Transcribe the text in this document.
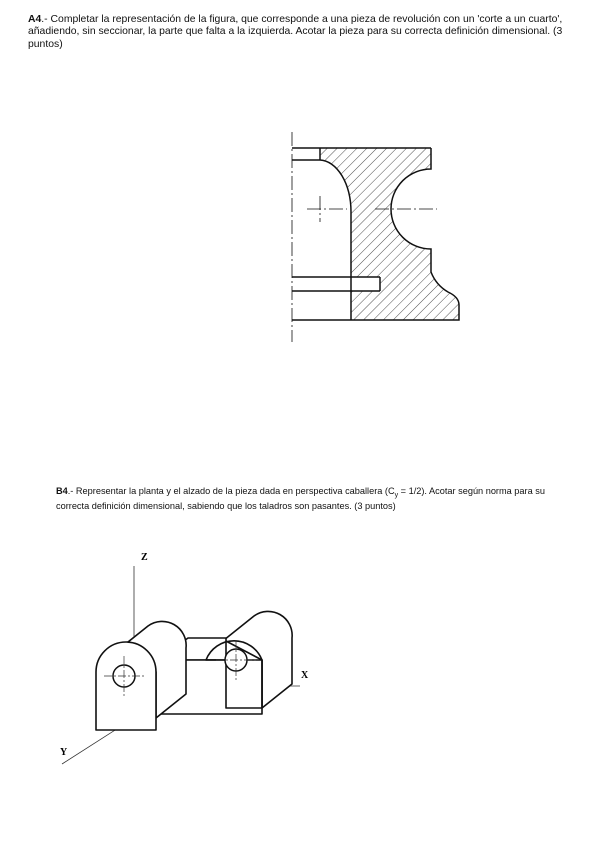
A4.- Completar la representación de la figura, que corresponde a una pieza de revolución con un 'corte a un cuarto', añadiendo, sin seccionar, la parte que falta a la izquierda. Acotar la pieza para su correcta definición dimensional. (3 puntos)
Z
X
Y
B4.- Representar la planta y el alzado de la pieza dada en perspectiva caballera $(C_y = 1/2)$. Acotar según norma para su correcta definición dimensional, sabiendo que los taladros son pasantes. (3 puntos)
